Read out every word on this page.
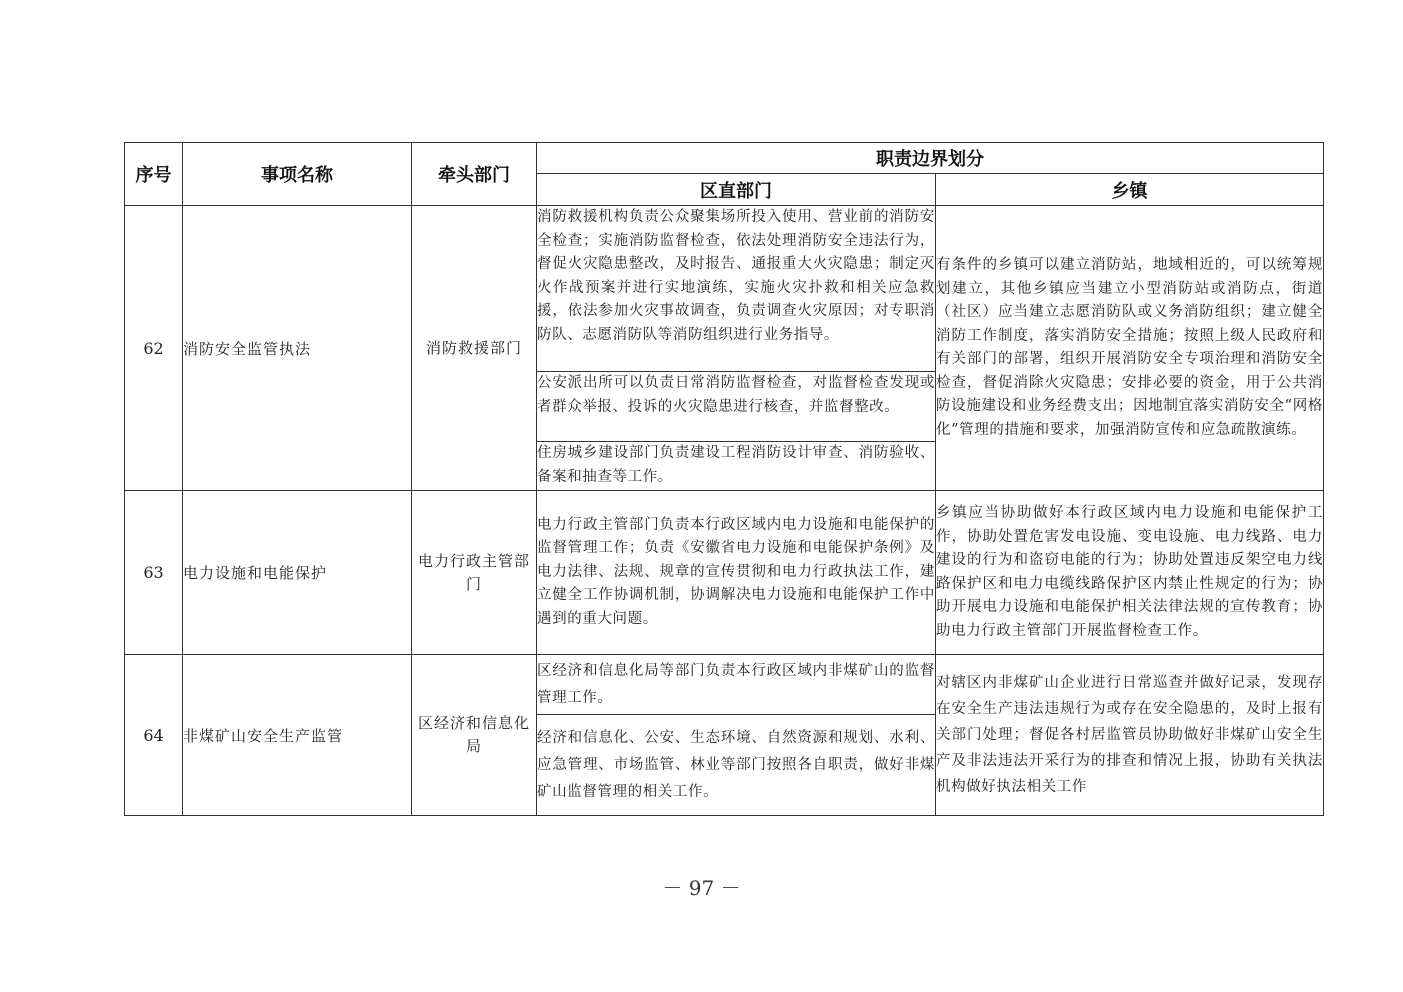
序号	事项名称	牵头部门	职责边界划分	
			区直部门	乡镇
62	消防安全监管执法	消防救援部门	消防救援机构负责公众聚集场所投入使用、营业前的消防安全检查；实施消防监督检查，依法处理消防安全违法行为，督促火灾隐患整改，及时报告、通报重大火灾隐患；制定灭火作战预案并进行实地演练，实施火灾扑救和相关应急救援，依法参加火灾事故调查，负责调查火灾原因；对专职消防队、志愿消防队等消防组织进行业务指导。	有条件的乡镇可以建立消防站，地域相近的，可以统筹规划建立，其他乡镇应当建立小型消防站或消防点，街道（社区）应当建立志愿消防队或义务消防组织；建立健全消防工作制度，落实消防安全措施；按照上级人民政府和有关部门的部署，组织开展消防安全专项治理和消防安全检查，督促消除火灾隐患；安排必要的资金，用于公共消防设施建设和业务经费支出；因地制宜落实消防安全“网格化”管理的措施和要求，加强消防宣传和应急疏散演练。
			公安派出所可以负责日常消防监督检查，对监督检查发现或者群众举报、投诉的火灾隐患进行核查，并监督整改。	
			住房城乡建设部门负责建设工程消防设计审查、消防验收、备案和抽查等工作。	
63	电力设施和电能保护	电力行政主管部门	电力行政主管部门负责本行政区域内电力设施和电能保护的监督管理工作；负责《安徽省电力设施和电能保护条例》及电力法律、法规、规章的宣传贯彻和电力行政执法工作，建立健全工作协调机制，协调解决电力设施和电能保护工作中遇到的重大问题。	乡镇应当协助做好本行政区域内电力设施和电能保护工作，协助处置危害发电设施、变电设施、电力线路、电力建设的行为和盗窃电能的行为；协助处置违反架空电力线路保护区和电力电缆线路保护区内禁止性规定的行为；协助开展电力设施和电能保护相关法律法规的宣传教育；协助电力行政主管部门开展监督检查工作。
64	非煤矿山安全生产监管	区经济和信息化局	区经济和信息化局等部门负责本行政区域内非煤矿山的监督管理工作。	对辖区内非煤矿山企业进行日常巡查并做好记录，发现存在安全生产违法违规行为或存在安全隐患的，及时上报有关部门处理；督促各村居监管员协助做好非煤矿山安全生产及非法违法开采行为的排查和情况上报，协助有关执法机构做好执法相关工作
			经济和信息化、公安、生态环境、自然资源和规划、水利、应急管理、市场监管、林业等部门按照各自职责，做好非煤矿山监督管理的相关工作。	
－ 97 －
